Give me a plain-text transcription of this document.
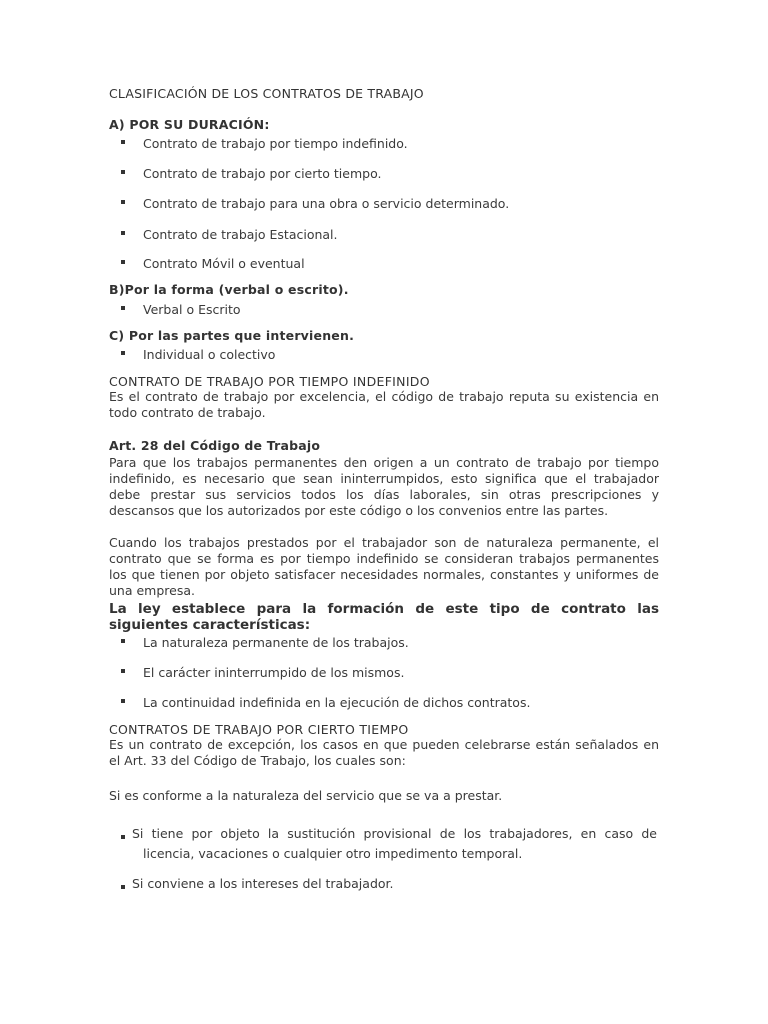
CLASIFICACIÓN DE LOS CONTRATOS DE TRABAJO
A) POR SU DURACIÓN:
Contrato de trabajo por tiempo indefinido.
Contrato de trabajo por cierto tiempo.
Contrato de trabajo para una obra o servicio determinado.
Contrato de trabajo Estacional.
Contrato Móvil o eventual
B)Por la forma (verbal o escrito).
Verbal o Escrito
C) Por las partes que intervienen.
Individual o colectivo
CONTRATO DE TRABAJO POR TIEMPO INDEFINIDO

Es el contrato de trabajo por excelencia, el código de trabajo reputa su existencia en todo contrato de trabajo.

Art. 28 del Código de Trabajo

Para que los trabajos permanentes den origen a un contrato de trabajo por tiempo indefinido, es necesario que sean ininterrumpidos, esto significa que el trabajador debe prestar sus servicios todos los días laborales, sin otras prescripciones y descansos que los autorizados por este código o los convenios entre las partes.

Cuando los trabajos prestados por el trabajador son de naturaleza permanente, el contrato que se forma es por tiempo indefinido se consideran trabajos permanentes los que tienen por objeto satisfacer necesidades normales, constantes y uniformes de una empresa.

La ley establece para la formación de este tipo de contrato las siguientes características:

La naturaleza permanente de los trabajos.
El carácter ininterrumpido de los mismos.
La continuidad indefinida en la ejecución de dichos contratos.
CONTRATOS DE TRABAJO POR CIERTO TIEMPO

Es un contrato de excepción, los casos en que pueden celebrarse están señalados en el Art. 33 del Código de Trabajo, los cuales son:

Si es conforme a la naturaleza del servicio que se va a prestar.

Si tiene por objeto la sustitución provisional de los trabajadores, en caso de
licencia, vacaciones o cualquier otro impedimento temporal.
Si conviene a los intereses del trabajador.
